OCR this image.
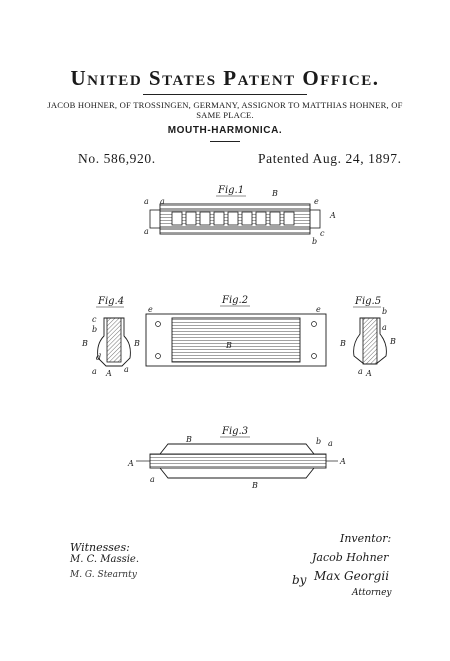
United States Patent Office.
JACOB HOHNER, OF TROSSINGEN, GERMANY, ASSIGNOR TO MATTHIAS HOHNER, OF SAME PLACE.
MOUTH-HARMONICA.
No. 586,920.	Patented Aug. 24, 1897.
Fig.1
a
a
B
e
A
b
c
a
Fig.2
e	e
B
Fig.4
b
c
B	B
d
a A a
Fig.5
b
a
B	B
a A
Fig.3
B	b a
A
a
B
A
Witnesses:
M. C. Massie.
M. G. Stearnty
Inventor:
Jacob Hohner
by Max Georgii
Attorney
